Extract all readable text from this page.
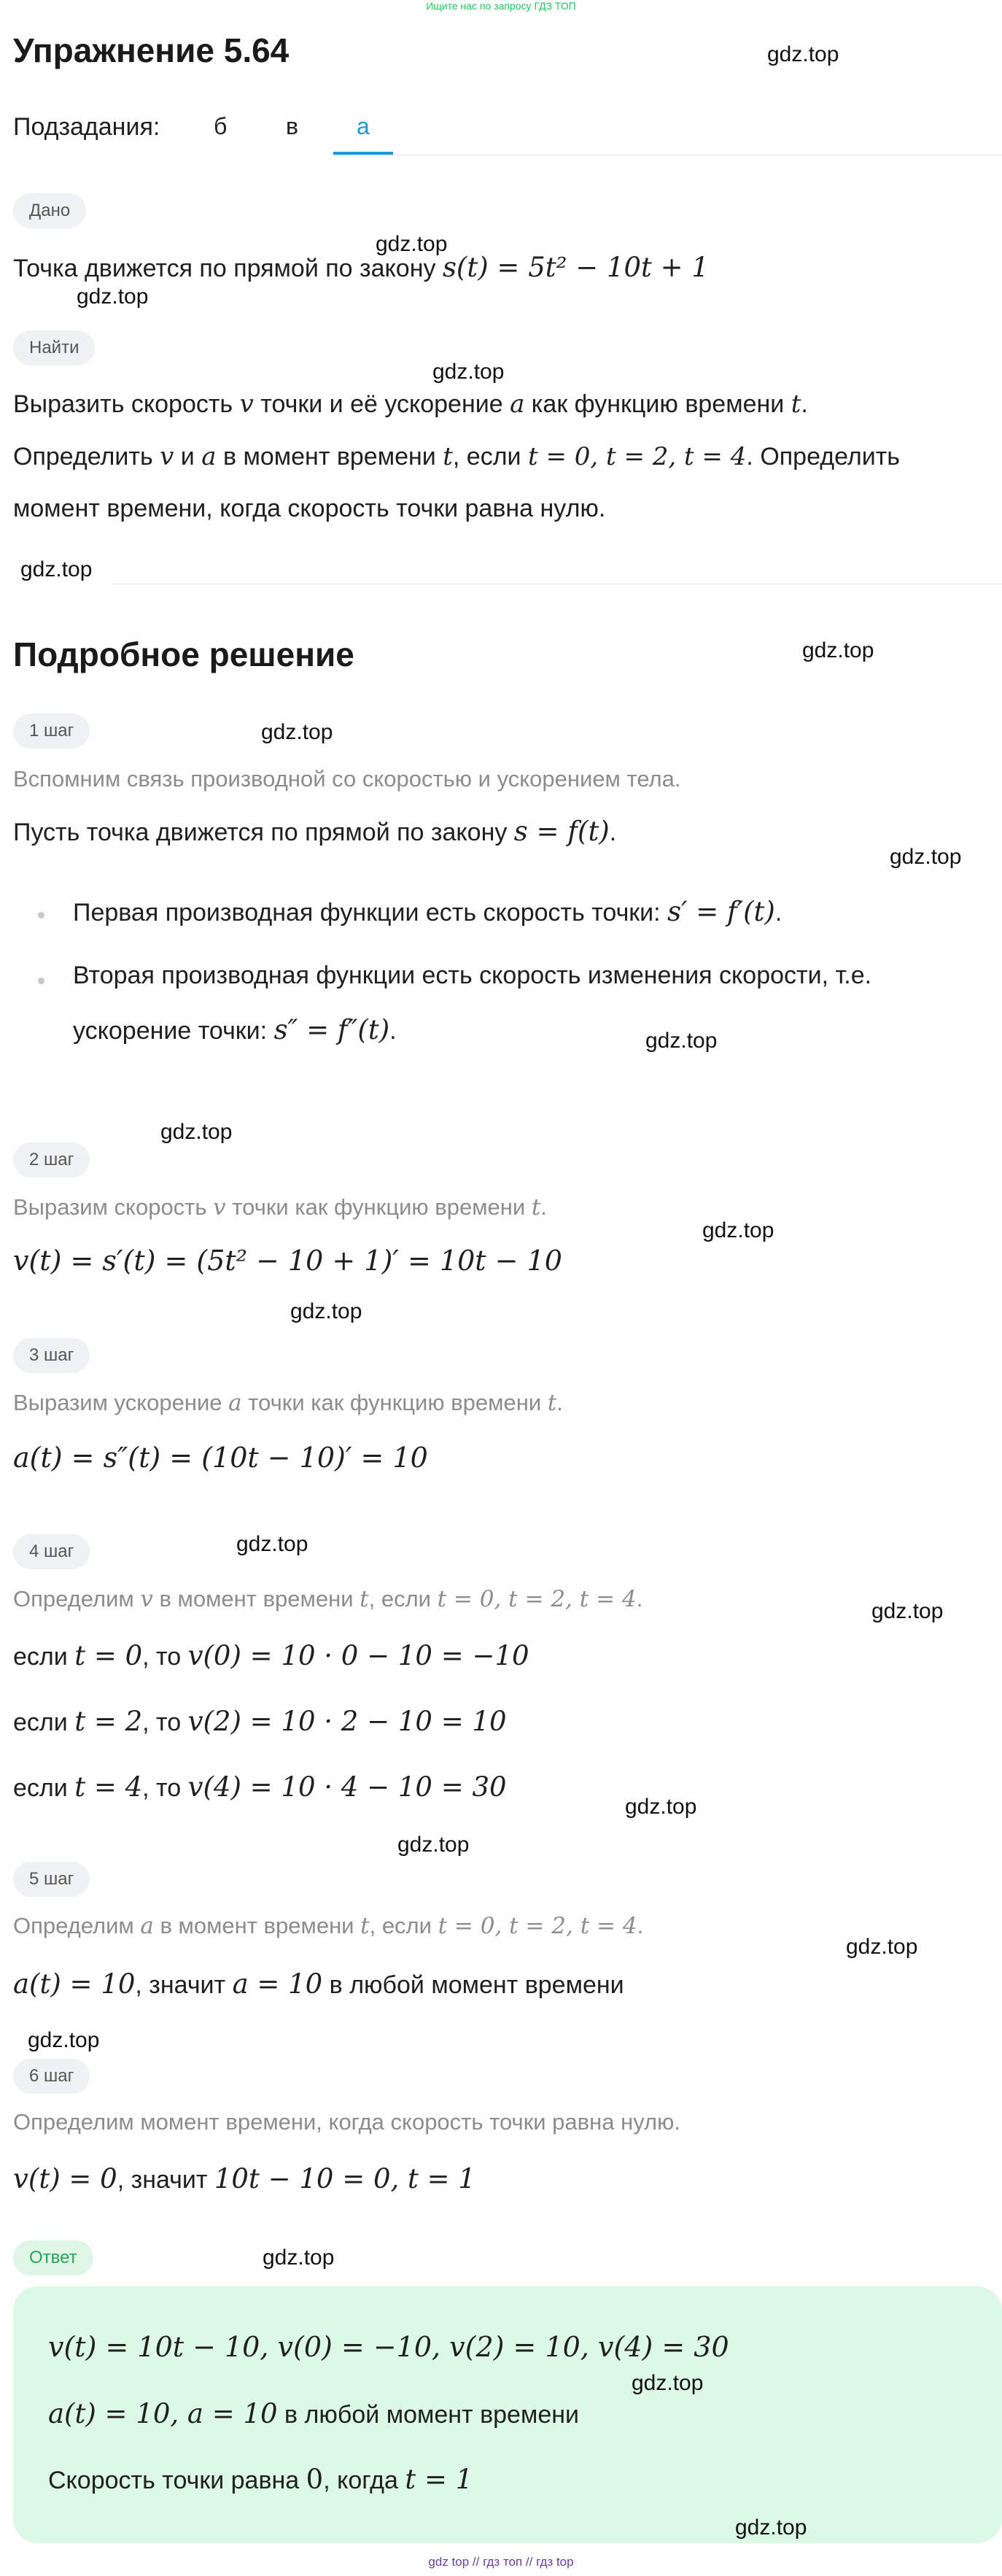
Ищите нас по запросу ГДЗ ТОП
Упражнение 5.64	gdz.top
Подзадания: б	в	а
Дано
gdz.top
Точка движется по прямой по закону s(t) = 5t² − 10t + 1
gdz.top
Найти
gdz.top
Выразить скорость v точки и её ускорение a как функцию времени t.
Определить v и a в момент времени t, если t = 0, t = 2, t = 4. Определить
момент времени, когда скорость точки равна нулю.
gdz.top
Подробное решение	gdz.top
1 шаг	gdz.top
Вспомним связь производной со скоростью и ускорением тела.
Пусть точка движется по прямой по закону s = f(t).
gdz.top
Первая производная функции есть скорость точки: s′ = f′(t).
Вторая производная функции есть скорость изменения скорости, т.е.
ускорение точки: s″ = f″(t).	gdz.top
gdz.top
2 шаг
Выразим скорость v точки как функцию времени t.
gdz.top
v(t) = s′(t) = (5t² − 10 + 1)′ = 10t − 10
gdz.top
3 шаг
Выразим ускорение a точки как функцию времени t.
a(t) = s″(t) = (10t − 10)′ = 10
4 шаг	gdz.top
Определим v в момент времени t, если t = 0, t = 2, t = 4.	gdz.top
если t = 0, то v(0) = 10 · 0 − 10 = −10
если t = 2, то v(2) = 10 · 2 − 10 = 10
если t = 4, то v(4) = 10 · 4 − 10 = 30
gdz.top
gdz.top
5 шаг
Определим a в момент времени t, если t = 0, t = 2, t = 4.
gdz.top
a(t) = 10, значит a = 10 в любой момент времени
gdz.top
6 шаг
Определим момент времени, когда скорость точки равна нулю.
v(t) = 0, значит 10t − 10 = 0, t = 1
Ответ	gdz.top
v(t) = 10t − 10, v(0) = −10, v(2) = 10, v(4) = 30
gdz.top
a(t) = 10, a = 10 в любой момент времени
Скорость точки равна 0, когда t = 1
gdz.top
gdz top // гдз топ // гдз top
